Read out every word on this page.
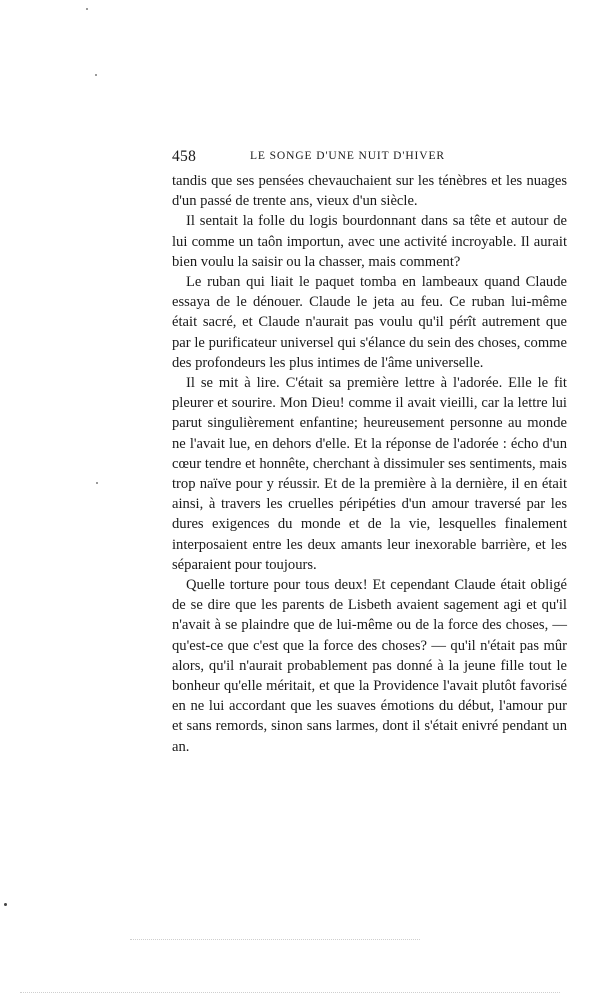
458	LE SONGE D'UNE NUIT D'HIVER

tandis que ses pensées chevauchaient sur les ténèbres et les nuages d'un passé de trente ans, vieux d'un siècle.

Il sentait la folle du logis bourdonnant dans sa tête et autour de lui comme un taôn importun, avec une activité incroyable. Il aurait bien voulu la saisir ou la chasser, mais comment?

Le ruban qui liait le paquet tomba en lambeaux quand Claude essaya de le dénouer. Claude le jeta au feu. Ce ruban lui-même était sacré, et Claude n'aurait pas voulu qu'il pérît autrement que par le purificateur universel qui s'élance du sein des choses, comme des profondeurs les plus intimes de l'âme universelle.

Il se mit à lire. C'était sa première lettre à l'adorée. Elle le fit pleurer et sourire. Mon Dieu! comme il avait vieilli, car la lettre lui parut singulièrement enfantine; heureusement personne au monde ne l'avait lue, en dehors d'elle. Et la réponse de l'adorée : écho d'un cœur tendre et honnête, cherchant à dissimuler ses sentiments, mais trop naïve pour y réussir. Et de la première à la dernière, il en était ainsi, à travers les cruelles péripéties d'un amour traversé par les dures exigences du monde et de la vie, lesquelles finalement interposaient entre les deux amants leur inexorable barrière, et les séparaient pour toujours.

Quelle torture pour tous deux! Et cependant Claude était obligé de se dire que les parents de Lisbeth avaient sagement agi et qu'il n'avait à se plaindre que de lui-même ou de la force des choses, — qu'est-ce que c'est que la force des choses? — qu'il n'était pas mûr alors, qu'il n'aurait probablement pas donné à la jeune fille tout le bonheur qu'elle méritait, et que la Providence l'avait plutôt favorisé en ne lui accordant que les suaves émotions du début, l'amour pur et sans remords, sinon sans larmes, dont il s'était enivré pendant un an.
